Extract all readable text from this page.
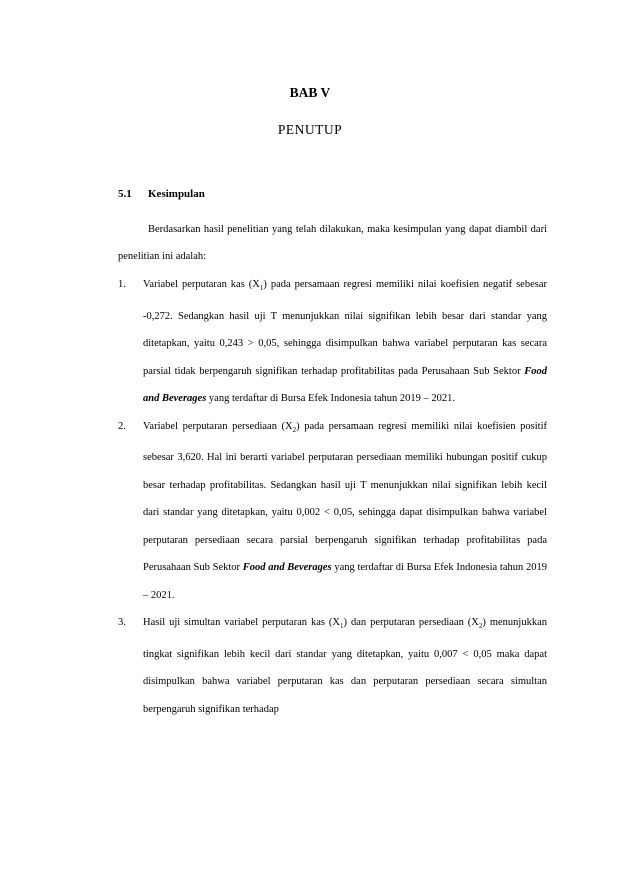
BAB V
PENUTUP
5.1 Kesimpulan
Berdasarkan hasil penelitian yang telah dilakukan, maka kesimpulan yang dapat diambil dari penelitian ini adalah:
1. Variabel perputaran kas $(X_1)$ pada persamaan regresi memiliki nilai koefisien negatif sebesar -0,272. Sedangkan hasil uji T menunjukkan nilai signifikan lebih besar dari standar yang ditetapkan, yaitu 0,243 > 0,05, sehingga disimpulkan bahwa variabel perputaran kas secara parsial tidak berpengaruh signifikan terhadap profitabilitas pada Perusahaan Sub Sektor Food and Beverages yang terdaftar di Bursa Efek Indonesia tahun 2019 – 2021.
2. Variabel perputaran persediaan $(X_2)$ pada persamaan regresi memiliki nilai koefisien positif sebesar 3,620. Hal ini berarti variabel perputaran persediaan memiliki hubungan positif cukup besar terhadap profitabilitas. Sedangkan hasil uji T menunjukkan nilai signifikan lebih kecil dari standar yang ditetapkan, yaitu 0,002 < 0,05, sehingga dapat disimpulkan bahwa variabel perputaran persediaan secara parsial berpengaruh signifikan terhadap profitabilitas pada Perusahaan Sub Sektor Food and Beverages yang terdaftar di Bursa Efek Indonesia tahun 2019 – 2021.
3. Hasil uji simultan variabel perputaran kas $(X_1)$ dan perputaran persediaan $(X_2)$ menunjukkan tingkat signifikan lebih kecil dari standar yang ditetapkan, yaitu 0,007 < 0,05 maka dapat disimpulkan bahwa variabel perputaran kas dan perputaran persediaan secara simultan berpengaruh signifikan terhadap
